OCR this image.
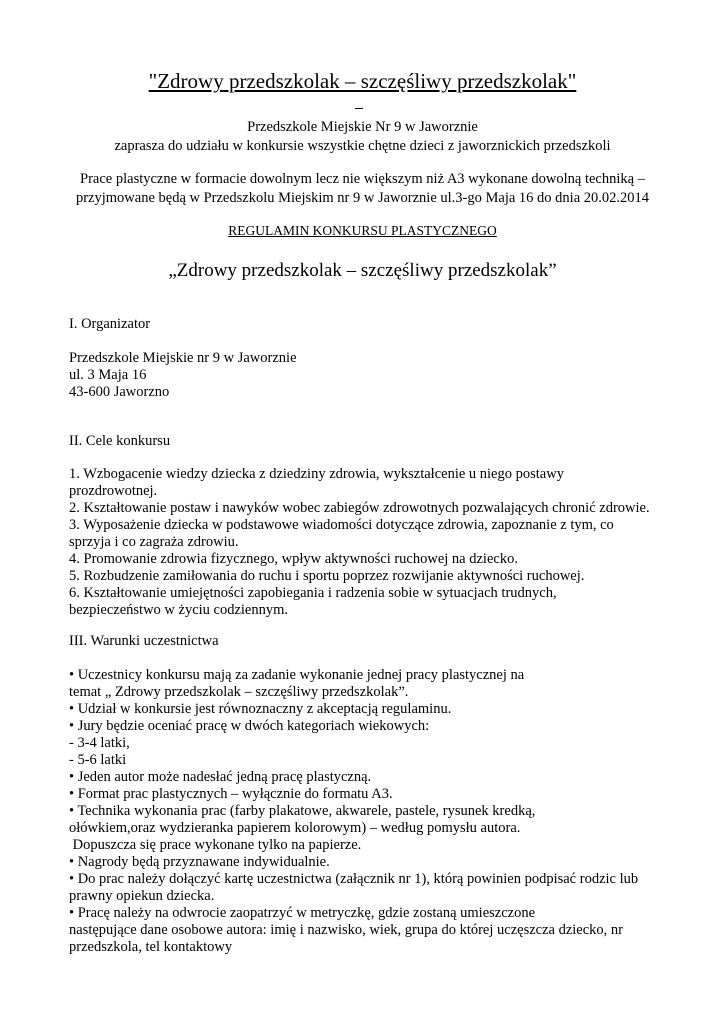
"Zdrowy przedszkolak – szczęśliwy przedszkolak"
Przedszkole Miejskie Nr 9 w Jaworznie
zaprasza do udziału w konkursie wszystkie chętne dzieci z jaworznickich przedszkoli
Prace plastyczne w formacie dowolnym lecz nie większym niż A3 wykonane dowolną techniką –
przyjmowane będą w Przedszkolu Miejskim nr 9 w Jaworznie ul.3-go Maja 16 do dnia 20.02.2014
REGULAMIN KONKURSU PLASTYCZNEGO
„Zdrowy przedszkolak – szczęśliwy przedszkolak”
I. Organizator
Przedszkole Miejskie nr 9 w Jaworznie
ul. 3 Maja 16
43-600 Jaworzno
II. Cele konkursu
1. Wzbogacenie wiedzy dziecka z dziedziny zdrowia, wykształcenie u niego postawy
prozdrowotnej.
2. Kształtowanie postaw i nawyków wobec zabiegów zdrowotnych pozwalających chronić zdrowie.
3. Wyposażenie dziecka w podstawowe wiadomości dotyczące zdrowia, zapoznanie z tym, co
sprzyja i co zagraża zdrowiu.
4. Promowanie zdrowia fizycznego, wpływ aktywności ruchowej na dziecko.
5. Rozbudzenie zamiłowania do ruchu i sportu poprzez rozwijanie aktywności ruchowej.
6. Kształtowanie umiejętności zapobiegania i radzenia sobie w sytuacjach trudnych,
bezpieczeństwo w życiu codziennym.
III. Warunki uczestnictwa
• Uczestnicy konkursu mają za zadanie wykonanie jednej pracy plastycznej na
temat „ Zdrowy przedszkolak – szczęśliwy przedszkolak”.
• Udział w konkursie jest równoznaczny z akceptacją regulaminu.
• Jury będzie oceniać pracę w dwóch kategoriach wiekowych:
- 3-4 latki,
- 5-6 latki
• Jeden autor może nadesłać jedną pracę plastyczną.
• Format prac plastycznych – wyłącznie do formatu A3.
• Technika wykonania prac (farby plakatowe, akwarele, pastele, rysunek kredką,
ołówkiem,oraz wydzieranka papierem kolorowym) – według pomysłu autora.
Dopuszcza się prace wykonane tylko na papierze.
• Nagrody będą przyznawane indywidualnie.
• Do prac należy dołączyć kartę uczestnictwa (załącznik nr 1), którą powinien podpisać rodzic lub
prawny opiekun dziecka.
• Pracę należy na odwrocie zaopatrzyć w metryczkę, gdzie zostaną umieszczone
następujące dane osobowe autora: imię i nazwisko, wiek, grupa do której uczęszcza dziecko, nr
przedszkola, tel kontaktowy
